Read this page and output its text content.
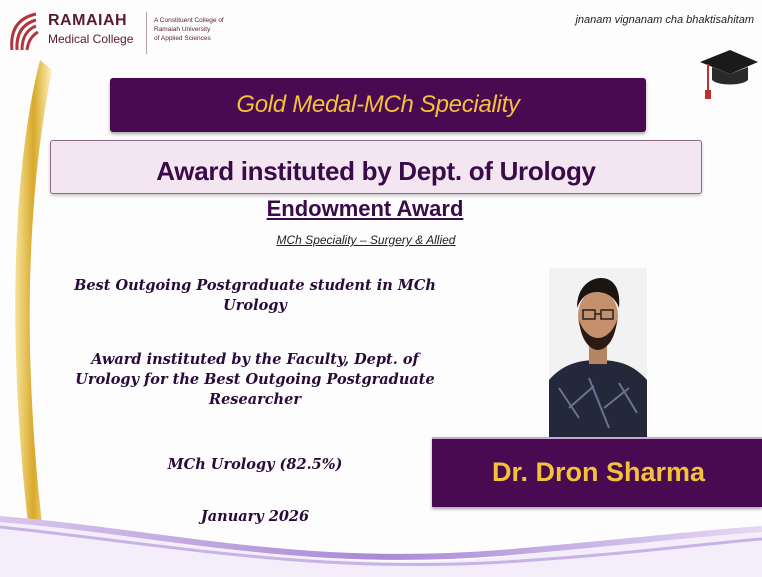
RAMAIAH
Medical College
A Constituent College of
Ramaiah University
of Applied Sciences
jnanam vignanam cha bhaktisahitam
Gold Medal-MCh Speciality
Award instituted by Dept. of Urology
Endowment Award
MCh Speciality – Surgery & Allied
Best Outgoing Postgraduate student in MCh
Urology
Award instituted by the Faculty, Dept. of
Urology for the Best Outgoing Postgraduate
Researcher
MCh Urology (82.5%)
January 2026
Dr. Dron Sharma
